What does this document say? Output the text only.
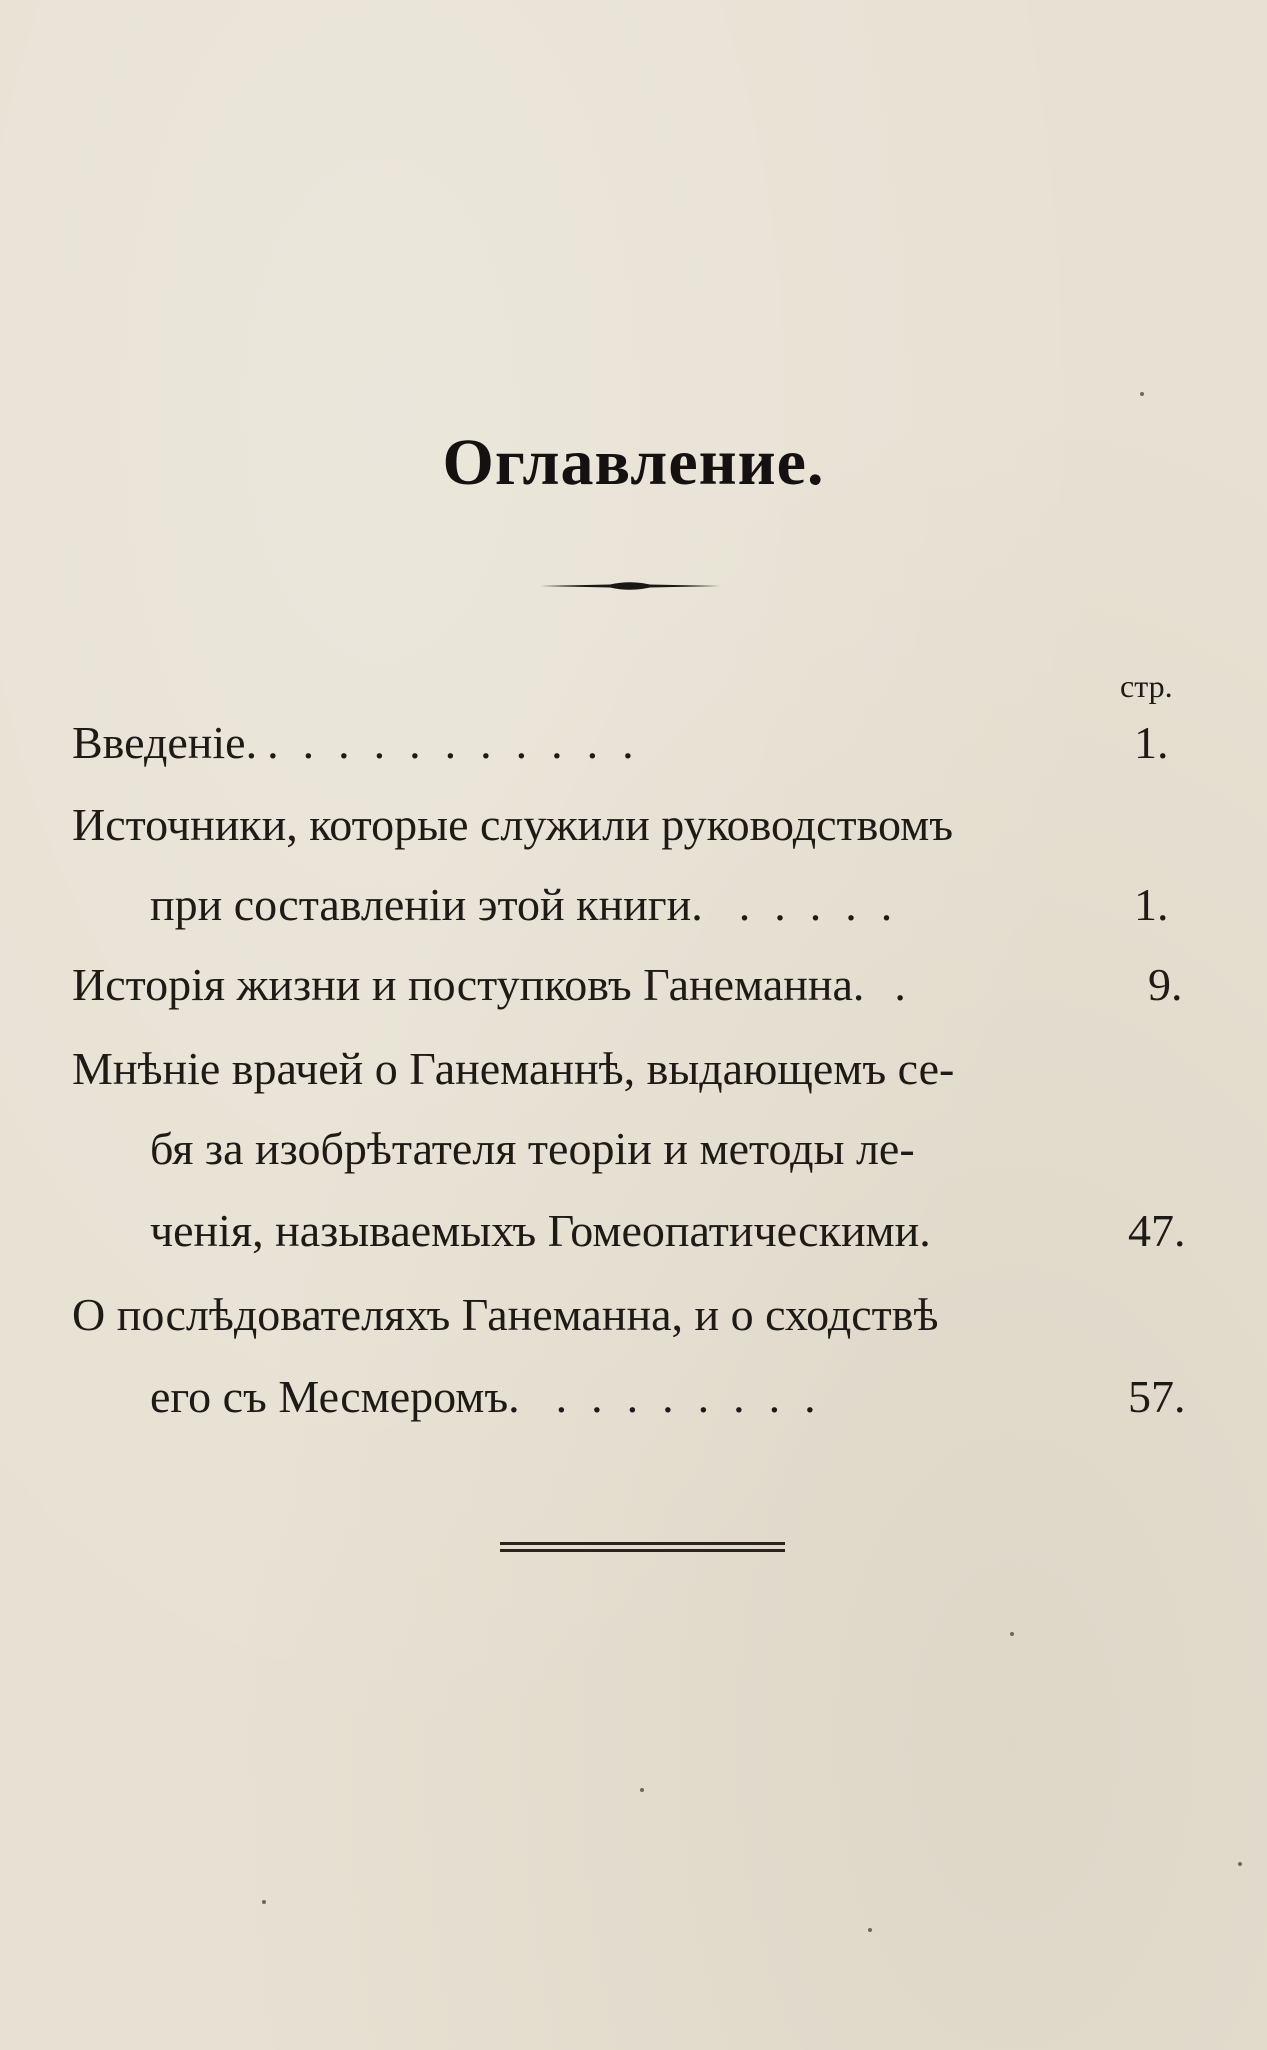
Оглавление.
стр.
Введеніе. ...........	1.
Источники, которые служили руководствомъ
при составленіи этой книги. .....	1.
Исторія жизни и поступковъ Ганеманна. .	9.
Мнѣніе врачей о Ганеманнѣ, выдающемъ се-
бя за изобрѣтателя теоріи и методы ле-
ченія, называемыхъ Гомеопатическими.	47.
О послѣдователяхъ Ганеманна, и о сходствѣ
его съ Месмеромъ. ........	57.
